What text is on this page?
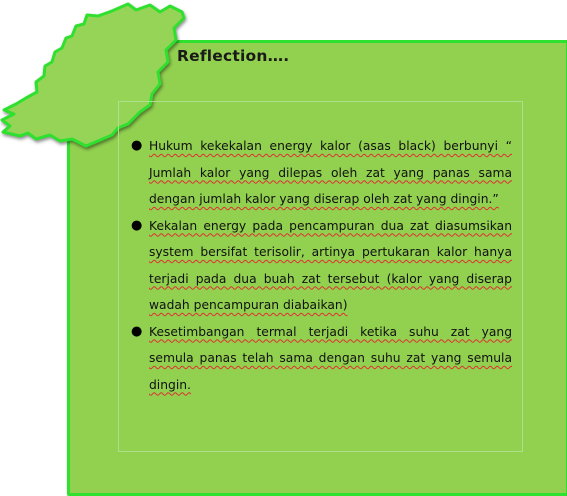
Reflection….
● Hukum kekekalan energy kalor (asas black) berbunyi “ Jumlah kalor yang dilepas oleh zat yang panas sama dengan jumlah kalor yang diserap oleh zat yang dingin.”
● Kekalan energy pada pencampuran dua zat diasumsikan system bersifat terisolir, artinya pertukaran kalor hanya terjadi pada dua buah zat tersebut (kalor yang diserap wadah pencampuran diabaikan)
● Kesetimbangan termal terjadi ketika suhu zat yang semula panas telah sama dengan suhu zat yang semula dingin.
